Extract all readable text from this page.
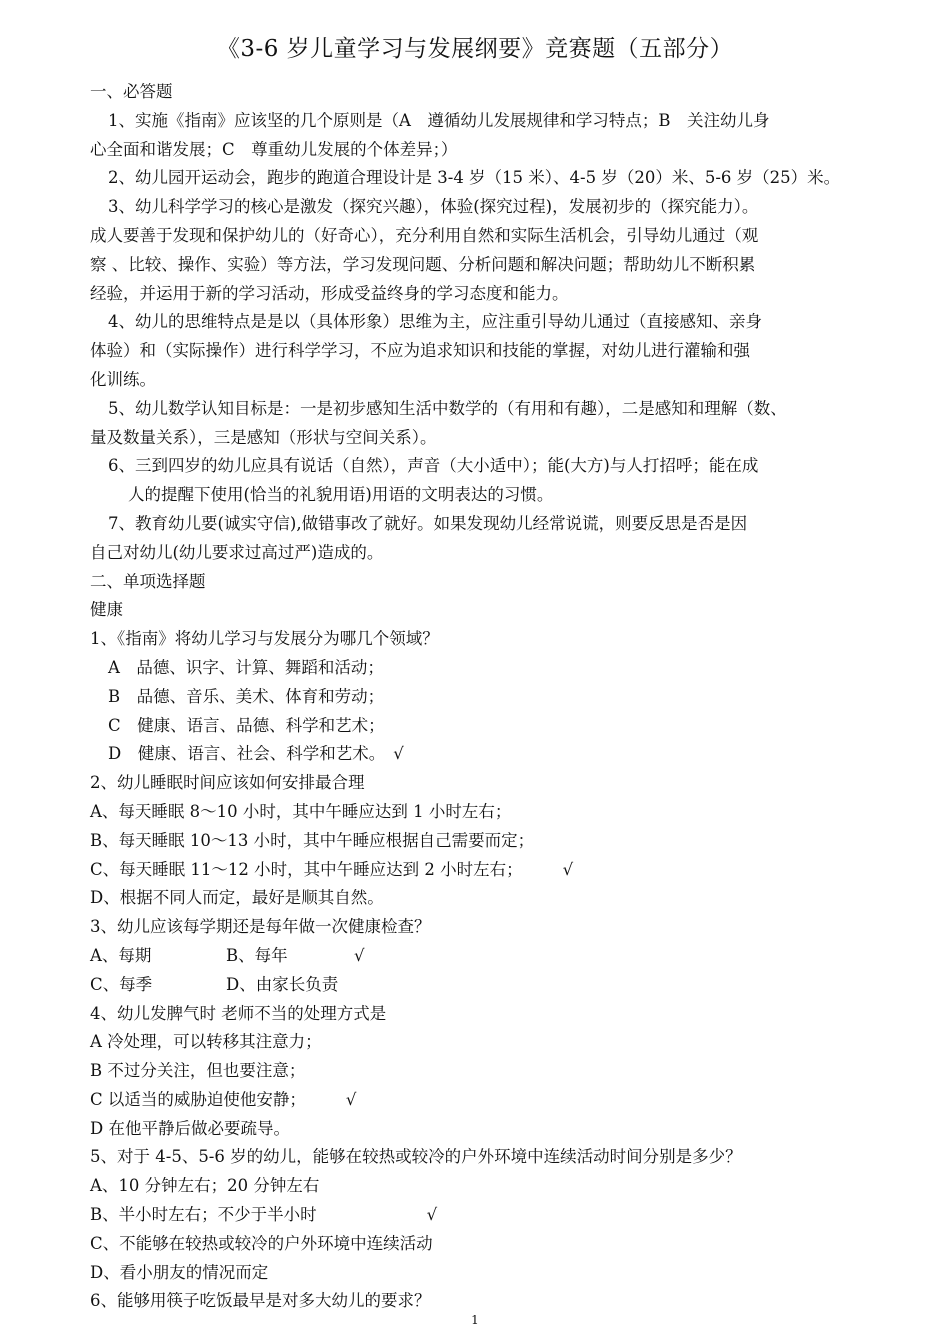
《3-6 岁儿童学习与发展纲要》竞赛题（五部分）
一、必答题
1、实施《指南》应该坚的几个原则是（A　遵循幼儿发展规律和学习特点；B　关注幼儿身
心全面和谐发展；C　尊重幼儿发展的个体差异；）
2、幼儿园开运动会，跑步的跑道合理设计是 3-4 岁（15 米）、4-5 岁（20）米、5-6 岁（25）米。
3、幼儿科学学习的核心是激发（探究兴趣），体验(探究过程)，发展初步的（探究能力）。
成人要善于发现和保护幼儿的（好奇心），充分利用自然和实际生活机会，引导幼儿通过（观
察 、比较、操作、实验）等方法，学习发现问题、分析问题和解决问题；帮助幼儿不断积累
经验，并运用于新的学习活动，形成受益终身的学习态度和能力。
4、幼儿的思维特点是是以（具体形象）思维为主，应注重引导幼儿通过（直接感知、亲身
体验）和（实际操作）进行科学学习，不应为追求知识和技能的掌握，对幼儿进行灌输和强
化训练。
5、幼儿数学认知目标是：一是初步感知生活中数学的（有用和有趣），二是感知和理解（数、
量及数量关系），三是感知（形状与空间关系）。
6、三到四岁的幼儿应具有说话（自然），声音（大小适中）；能(大方)与人打招呼；能在成
人的提醒下使用(恰当的礼貌用语)用语的文明表达的习惯。
7、教育幼儿要(诚实守信),做错事改了就好。如果发现幼儿经常说谎，则要反思是否是因
自己对幼儿(幼儿要求过高过严)造成的。
二、单项选择题
健康
1、《指南》将幼儿学习与发展分为哪几个领域？
A　品德、识字、计算、舞蹈和活动；
B　品德、音乐、美术、体育和劳动；
C　健康、语言、品德、科学和艺术；
D　健康、语言、社会、科学和艺术。 √
2、幼儿睡眠时间应该如何安排最合理
A、每天睡眠 8～10 小时，其中午睡应达到 1 小时左右；
B、每天睡眠 10～13 小时，其中午睡应根据自己需要而定；
C、每天睡眠 11～12 小时，其中午睡应达到 2 小时左右； √
D、根据不同人而定，最好是顺其自然。
3、幼儿应该每学期还是每年做一次健康检查？
A、每期	B、每年	√
C、每季	D、由家长负责
4、幼儿发脾气时 老师不当的处理方式是
A 冷处理，可以转移其注意力；
B 不过分关注，但也要注意；
C 以适当的威胁迫使他安静； √
D 在他平静后做必要疏导。
5、对于 4-5、5-6 岁的幼儿，能够在较热或较冷的户外环境中连续活动时间分别是多少？
A、10 分钟左右；20 分钟左右
B、半小时左右；不少于半小时	√
C、不能够在较热或较冷的户外环境中连续活动
D、看小朋友的情况而定
6、能够用筷子吃饭最早是对多大幼儿的要求？
1
